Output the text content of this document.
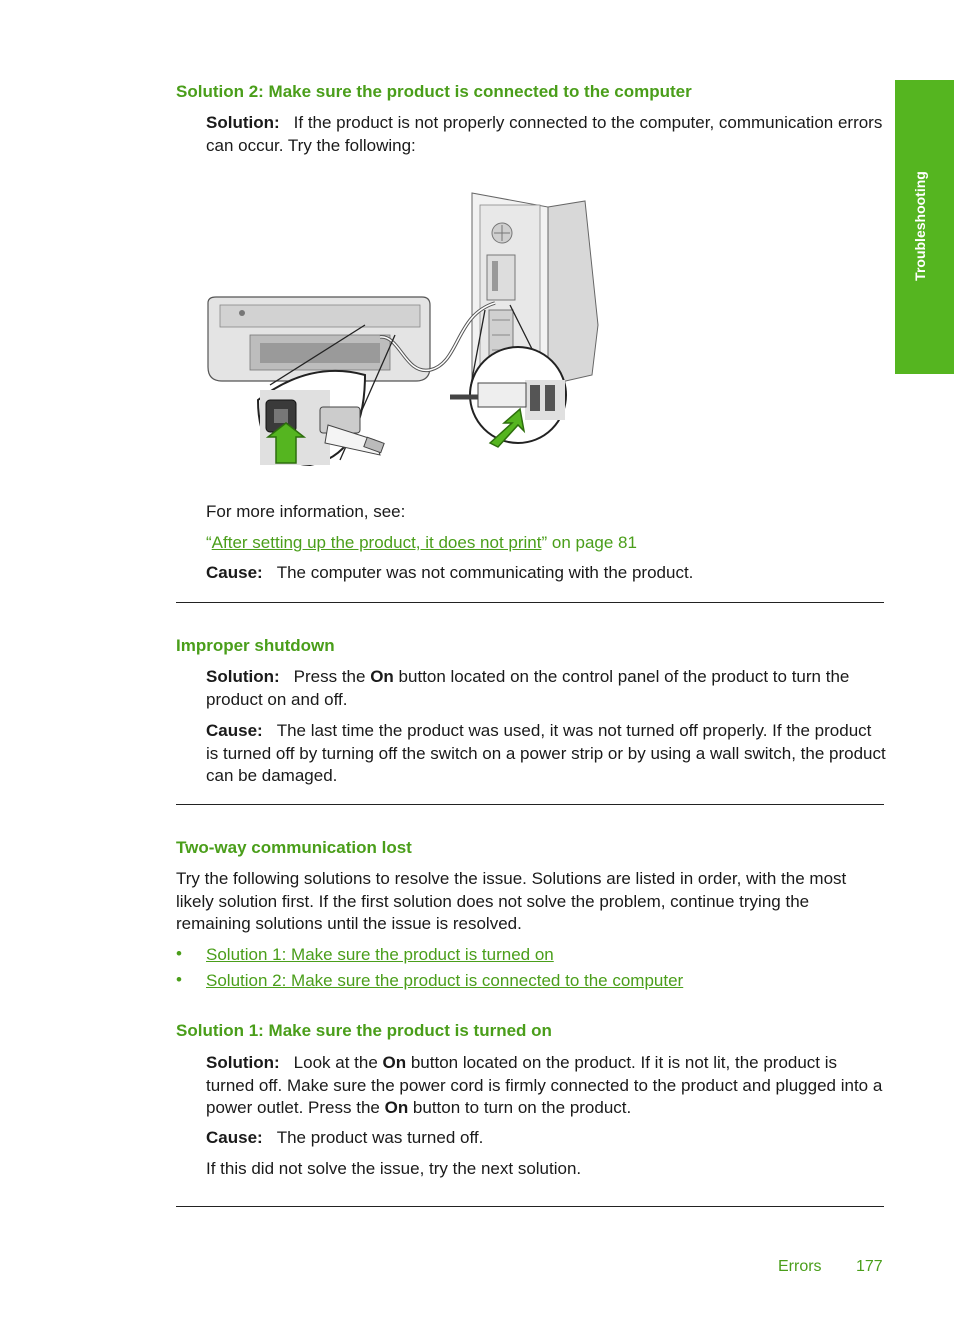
Troubleshooting
Solution 2: Make sure the product is connected to the computer
Solution: If the product is not properly connected to the computer, communication errors can occur. Try the following:
For more information, see:
“After setting up the product, it does not print” on page 81
Cause: The computer was not communicating with the product.
Improper shutdown
Solution: Press the On button located on the control panel of the product to turn the product on and off.
Cause: The last time the product was used, it was not turned off properly. If the product is turned off by turning off the switch on a power strip or by using a wall switch, the product can be damaged.
Two-way communication lost
Try the following solutions to resolve the issue. Solutions are listed in order, with the most likely solution first. If the first solution does not solve the problem, continue trying the remaining solutions until the issue is resolved.
• Solution 1: Make sure the product is turned on
• Solution 2: Make sure the product is connected to the computer
Solution 1: Make sure the product is turned on
Solution: Look at the On button located on the product. If it is not lit, the product is turned off. Make sure the power cord is firmly connected to the product and plugged into a power outlet. Press the On button to turn on the product.
Cause: The product was turned off.
If this did not solve the issue, try the next solution.
Errors 177
